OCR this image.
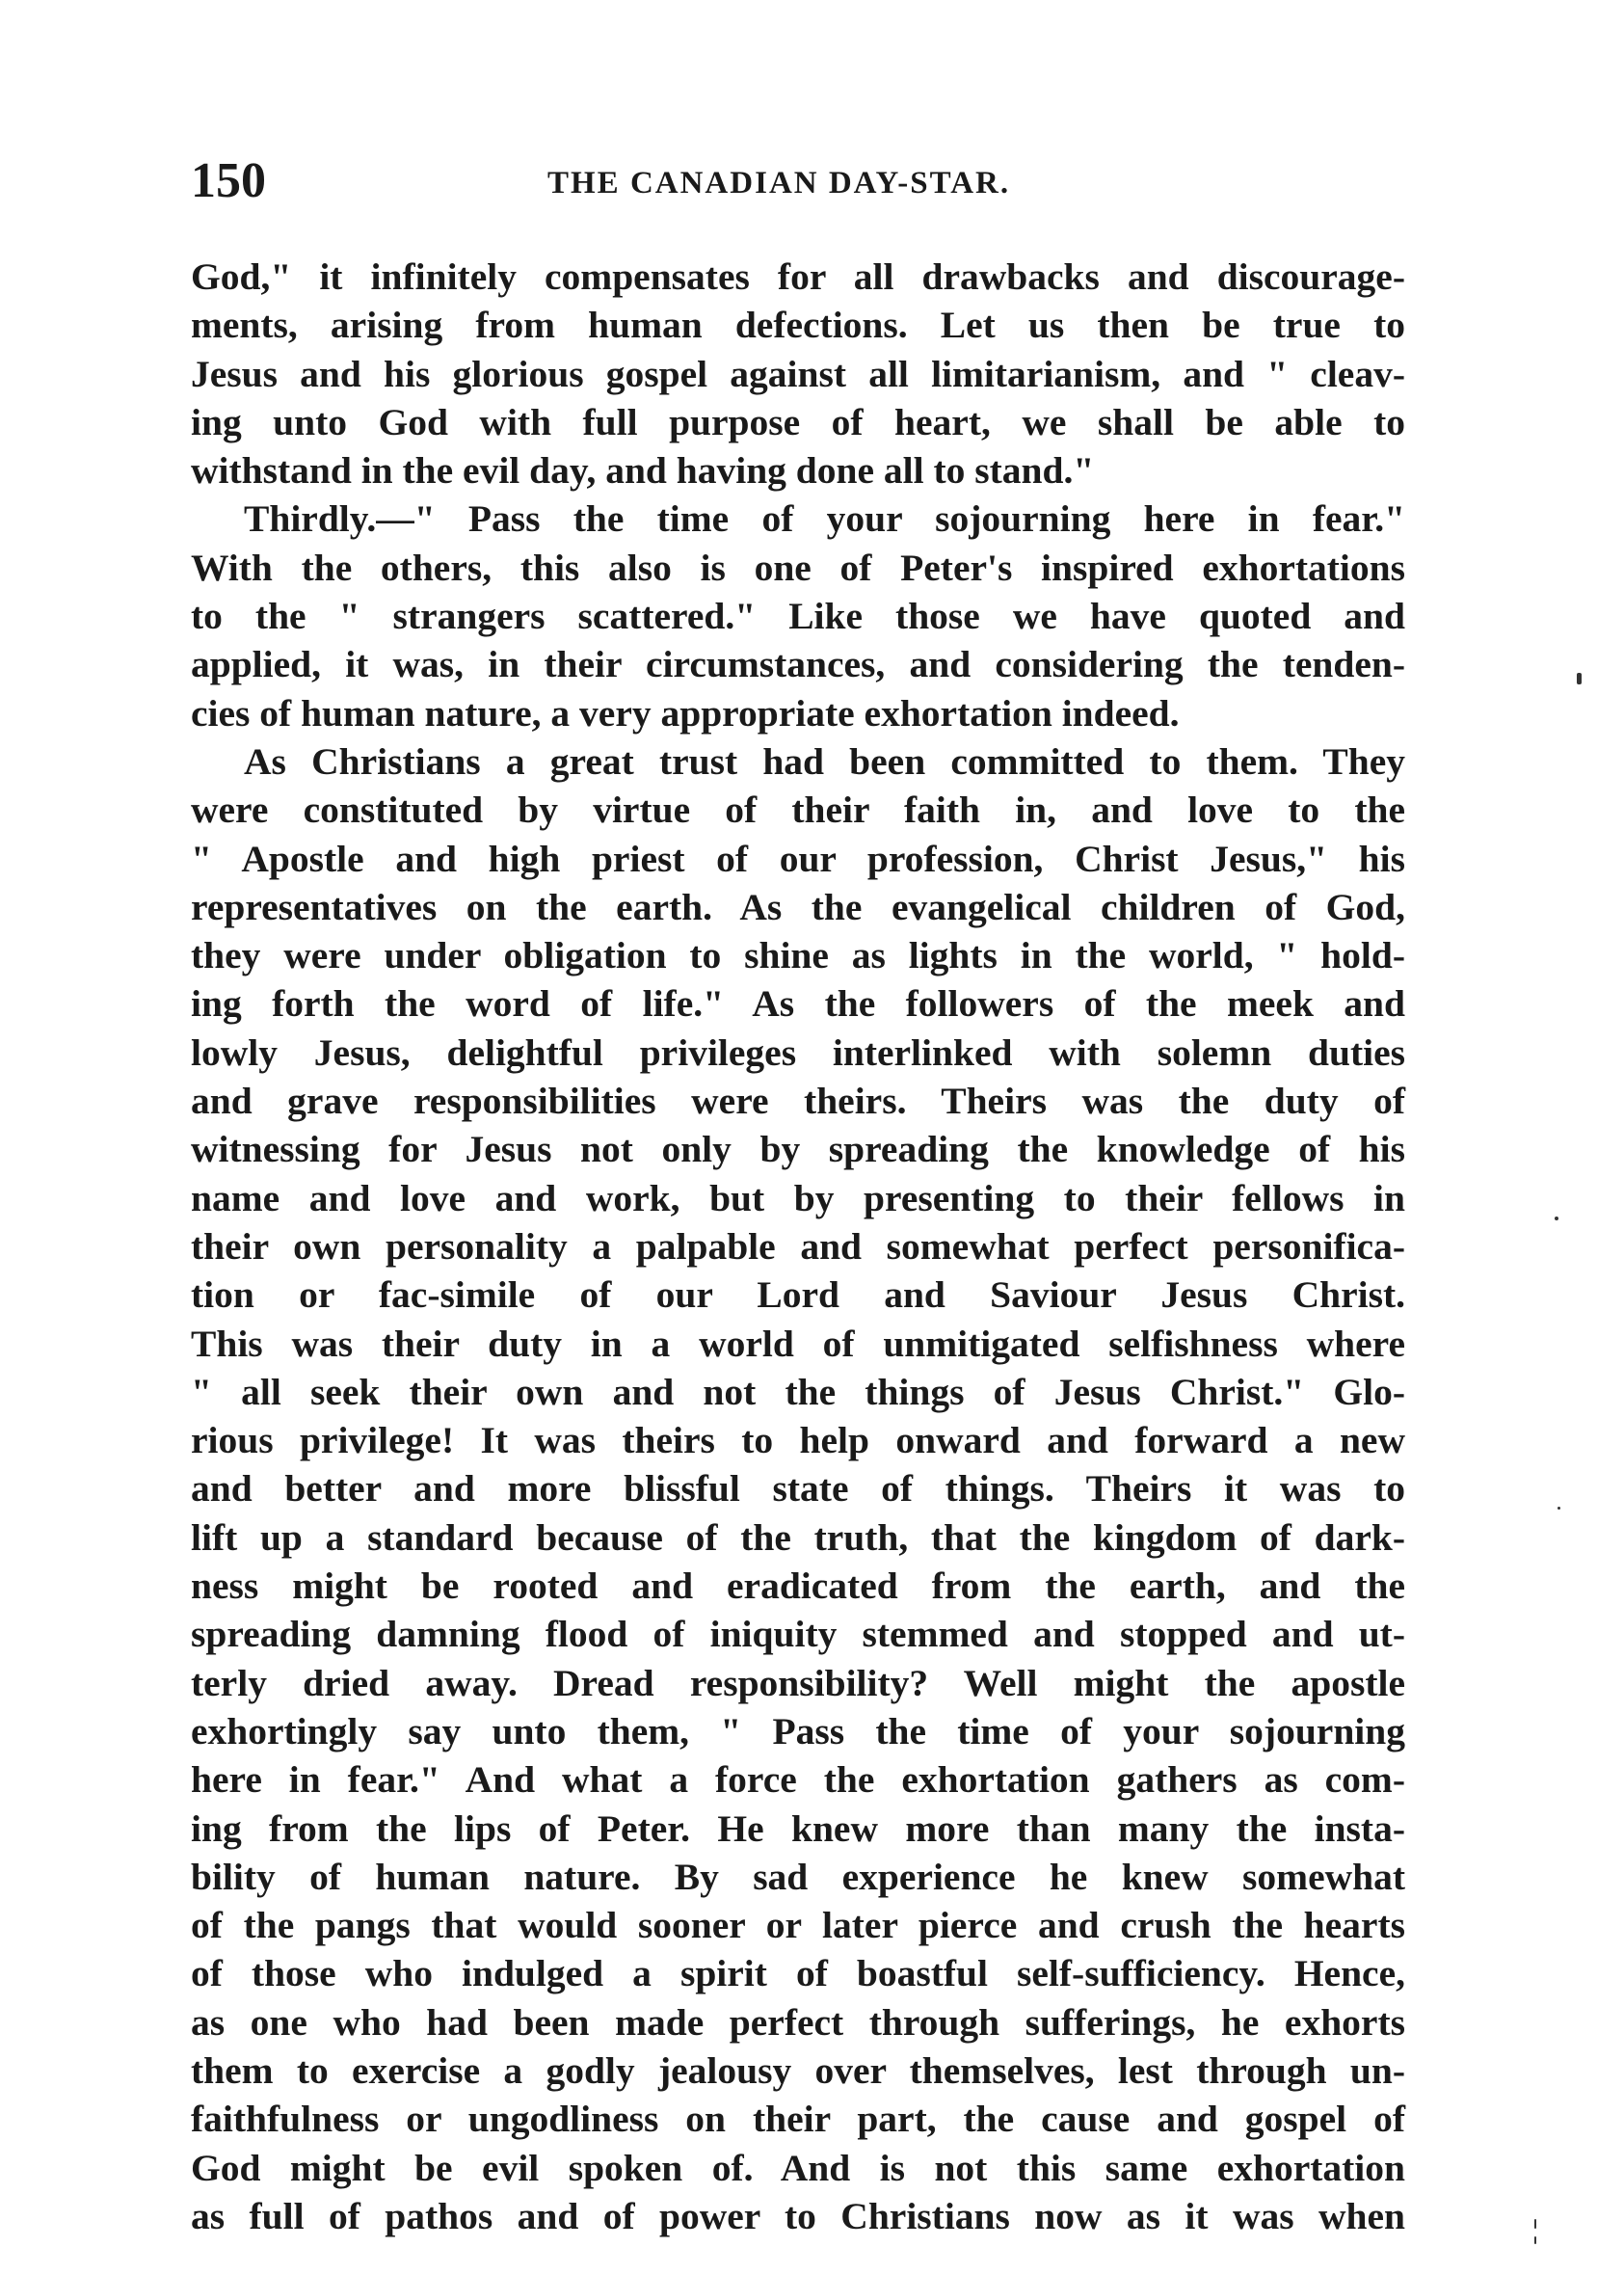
150	THE CANADIAN DAY-STAR.
God," it infinitely compensates for all drawbacks and discourage-
ments, arising from human defections. Let us then be true to
Jesus and his glorious gospel against all limitarianism, and " cleav-
ing unto God with full purpose of heart, we shall be able to
withstand in the evil day, and having done all to stand."
Thirdly.—" Pass the time of your sojourning here in fear."
With the others, this also is one of Peter's inspired exhortations
to the " strangers scattered." Like those we have quoted and
applied, it was, in their circumstances, and considering the tenden-
cies of human nature, a very appropriate exhortation indeed.
As Christians a great trust had been committed to them. They
were constituted by virtue of their faith in, and love to the
" Apostle and high priest of our profession, Christ Jesus," his
representatives on the earth. As the evangelical children of God,
they were under obligation to shine as lights in the world, " hold-
ing forth the word of life." As the followers of the meek and
lowly Jesus, delightful privileges interlinked with solemn duties
and grave responsibilities were theirs. Theirs was the duty of
witnessing for Jesus not only by spreading the knowledge of his
name and love and work, but by presenting to their fellows in
their own personality a palpable and somewhat perfect personifica-
tion or fac-simile of our Lord and Saviour Jesus Christ.
This was their duty in a world of unmitigated selfishness where
" all seek their own and not the things of Jesus Christ." Glo-
rious privilege! It was theirs to help onward and forward a new
and better and more blissful state of things. Theirs it was to
lift up a standard because of the truth, that the kingdom of dark-
ness might be rooted and eradicated from the earth, and the
spreading damning flood of iniquity stemmed and stopped and ut-
terly dried away. Dread responsibility? Well might the apostle
exhortingly say unto them, " Pass the time of your sojourning
here in fear." And what a force the exhortation gathers as com-
ing from the lips of Peter. He knew more than many the insta-
bility of human nature. By sad experience he knew somewhat
of the pangs that would sooner or later pierce and crush the hearts
of those who indulged a spirit of boastful self-sufficiency. Hence,
as one who had been made perfect through sufferings, he exhorts
them to exercise a godly jealousy over themselves, lest through un-
faithfulness or ungodliness on their part, the cause and gospel of
God might be evil spoken of. And is not this same exhortation
as full of pathos and of power to Christians now as it was when
